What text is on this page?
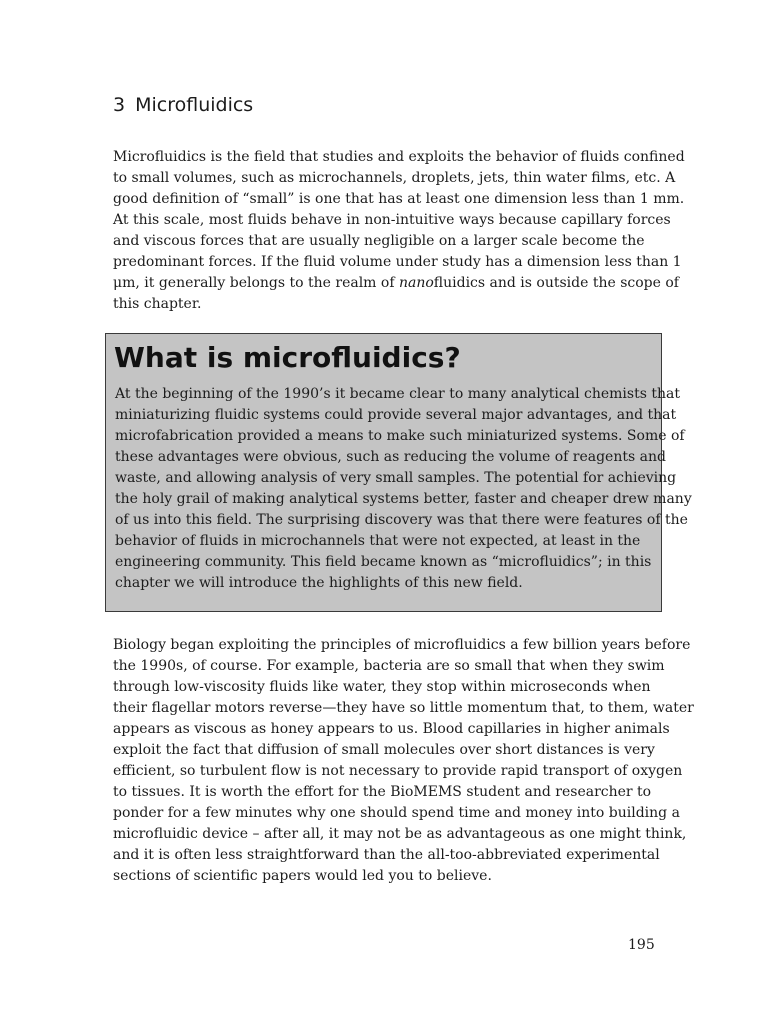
3 Microfluidics
Microfluidics is the field that studies and exploits the behavior of fluids confined
to small volumes, such as microchannels, droplets, jets, thin water films, etc. A
good definition of “small” is one that has at least one dimension less than 1 mm.
At this scale, most fluids behave in non-intuitive ways because capillary forces
and viscous forces that are usually negligible on a larger scale become the
predominant forces. If the fluid volume under study has a dimension less than 1
μm, it generally belongs to the realm of nanofluidics and is outside the scope of
this chapter.
What is microfluidics?
At the beginning of the 1990’s it became clear to many analytical chemists that
miniaturizing fluidic systems could provide several major advantages, and that
microfabrication provided a means to make such miniaturized systems. Some of
these advantages were obvious, such as reducing the volume of reagents and
waste, and allowing analysis of very small samples. The potential for achieving
the holy grail of making analytical systems better, faster and cheaper drew many
of us into this field. The surprising discovery was that there were features of the
behavior of fluids in microchannels that were not expected, at least in the
engineering community. This field became known as “microfluidics”; in this
chapter we will introduce the highlights of this new field.
Biology began exploiting the principles of microfluidics a few billion years before
the 1990s, of course. For example, bacteria are so small that when they swim
through low-viscosity fluids like water, they stop within microseconds when
their flagellar motors reverse—they have so little momentum that, to them, water
appears as viscous as honey appears to us. Blood capillaries in higher animals
exploit the fact that diffusion of small molecules over short distances is very
efficient, so turbulent flow is not necessary to provide rapid transport of oxygen
to tissues. It is worth the effort for the BioMEMS student and researcher to
ponder for a few minutes why one should spend time and money into building a
microfluidic device – after all, it may not be as advantageous as one might think,
and it is often less straightforward than the all-too-abbreviated experimental
sections of scientific papers would led you to believe.
195
